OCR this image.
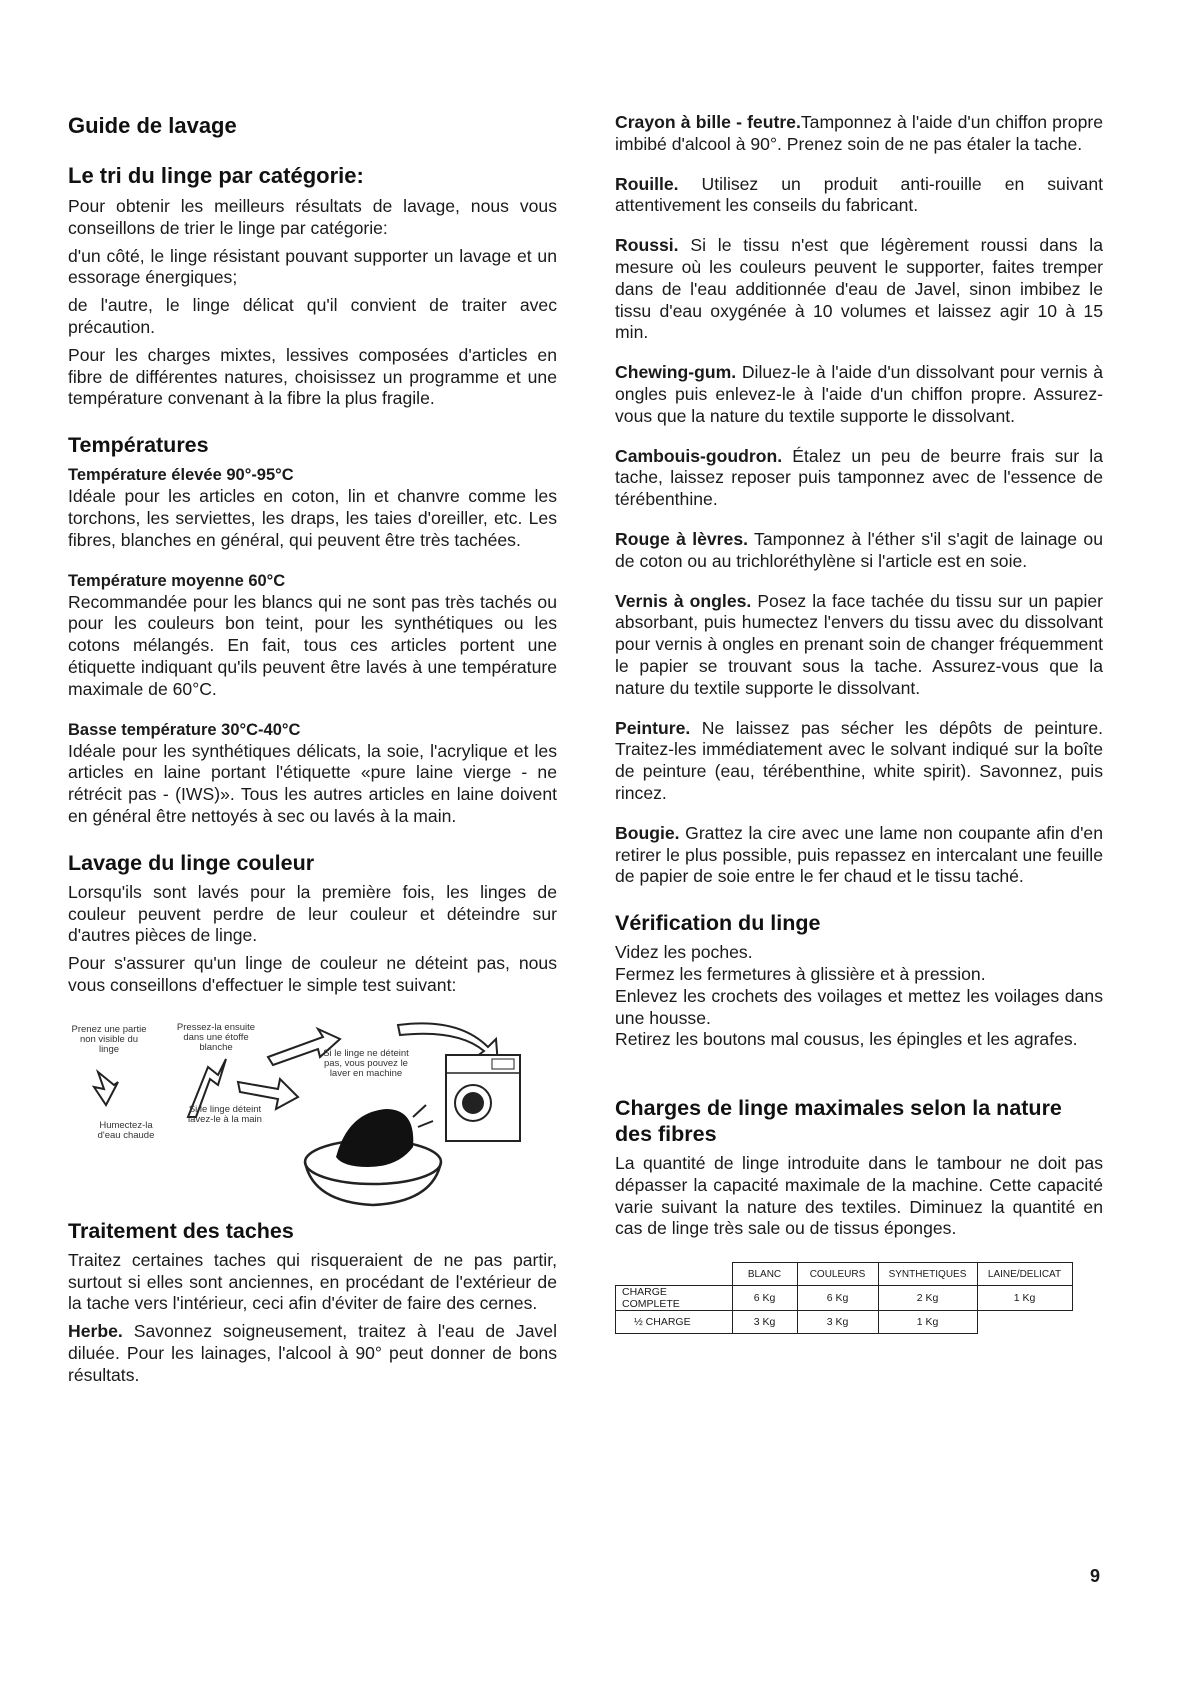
Guide de lavage
Le tri du linge par catégorie:

Pour obtenir les meilleurs résultats de lavage, nous vous conseillons de trier le linge par catégorie:

d'un côté, le linge résistant pouvant supporter un lavage et un essorage énergiques;

de l'autre, le linge délicat qu'il convient de traiter avec précaution.

Pour les charges mixtes, lessives composées d'articles en fibre de différentes natures, choisissez un programme et une température convenant à la fibre la plus fragile.

Températures
Température élevée 90°-95°C

Idéale pour les articles en coton, lin et chanvre comme les torchons, les serviettes, les draps, les taies d'oreiller, etc. Les fibres, blanches en général, qui peuvent être très tachées.

Température moyenne 60°C

Recommandée pour les blancs qui ne sont pas très tachés ou pour les couleurs bon teint, pour les synthétiques ou les cotons mélangés. En fait, tous ces articles portent une étiquette indiquant qu'ils peuvent être lavés à une température maximale de 60°C.

Basse température 30°C-40°C

Idéale pour les synthétiques délicats, la soie, l'acrylique et les articles en laine portant l'étiquette «pure laine vierge - ne rétrécit pas - (IWS)». Tous les autres articles en laine doivent en général être nettoyés à sec ou lavés à la main.

Lavage du linge couleur

Lorsqu'ils sont lavés pour la première fois, les linges de couleur peuvent perdre de leur couleur et déteindre sur d'autres pièces de linge.

Pour s'assurer qu'un linge de couleur ne déteint pas, nous vous conseillons d'effectuer le simple test suivant:

Prenez une partie non visible du linge
Pressez-la ensuite dans une étoffe blanche
Si le linge ne déteint pas, vous pouvez le laver en machine
Humectez-la d'eau chaude
Si le linge déteint lavez-le à la main
Traitement des taches

Traitez certaines taches qui risqueraient de ne pas partir, surtout si elles sont anciennes, en procédant de l'extérieur de la tache vers l'intérieur, ceci afin d'éviter de faire des cernes.

Herbe. Savonnez soigneusement, traitez à l'eau de Javel diluée. Pour les lainages, l'alcool à 90° peut donner de bons résultats.

Crayon à bille - feutre.Tamponnez à l'aide d'un chiffon propre imbibé d'alcool à 90°. Prenez soin de ne pas étaler la tache.

Rouille. Utilisez un produit anti-rouille en suivant attentivement les conseils du fabricant.

Roussi. Si le tissu n'est que légèrement roussi dans la mesure où les couleurs peuvent le supporter, faites tremper dans de l'eau additionnée d'eau de Javel, sinon imbibez le tissu d'eau oxygénée à 10 volumes et laissez agir 10 à 15 min.

Chewing-gum. Diluez-le à l'aide d'un dissolvant pour vernis à ongles puis enlevez-le à l'aide d'un chiffon propre. Assurez-vous que la nature du textile supporte le dissolvant.

Cambouis-goudron. Étalez un peu de beurre frais sur la tache, laissez reposer puis tamponnez avec de l'essence de térébenthine.

Rouge à lèvres. Tamponnez à l'éther s'il s'agit de lainage ou de coton ou au trichloréthylène si l'article est en soie.

Vernis à ongles. Posez la face tachée du tissu sur un papier absorbant, puis humectez l'envers du tissu avec du dissolvant pour vernis à ongles en prenant soin de changer fréquemment le papier se trouvant sous la tache. Assurez-vous que la nature du textile supporte le dissolvant.

Peinture. Ne laissez pas sécher les dépôts de peinture. Traitez-les immédiatement avec le solvant indiqué sur la boîte de peinture (eau, térébenthine, white spirit). Savonnez, puis rincez.

Bougie. Grattez la cire avec une lame non coupante afin d'en retirer le plus possible, puis repassez en intercalant une feuille de papier de soie entre le fer chaud et le tissu taché.

Vérification du linge

Videz les poches.

Fermez les fermetures à glissière et à pression.

Enlevez les crochets des voilages et mettez les voilages dans une housse.

Retirez les boutons mal cousus, les épingles et les agrafes.

Charges de linge maximales selon la nature des fibres

La quantité de linge introduite dans le tambour ne doit pas dépasser la capacité maximale de la machine. Cette capacité varie suivant la nature des textiles. Diminuez la quantité en cas de linge très sale ou de tissus éponges.

	BLANC	COULEURS	SYNTHETIQUES	LAINE/DELICAT
CHARGE COMPLETE	6 Kg	6 Kg	2 Kg	1 Kg
½ CHARGE	3 Kg	3 Kg	1 Kg	
9
